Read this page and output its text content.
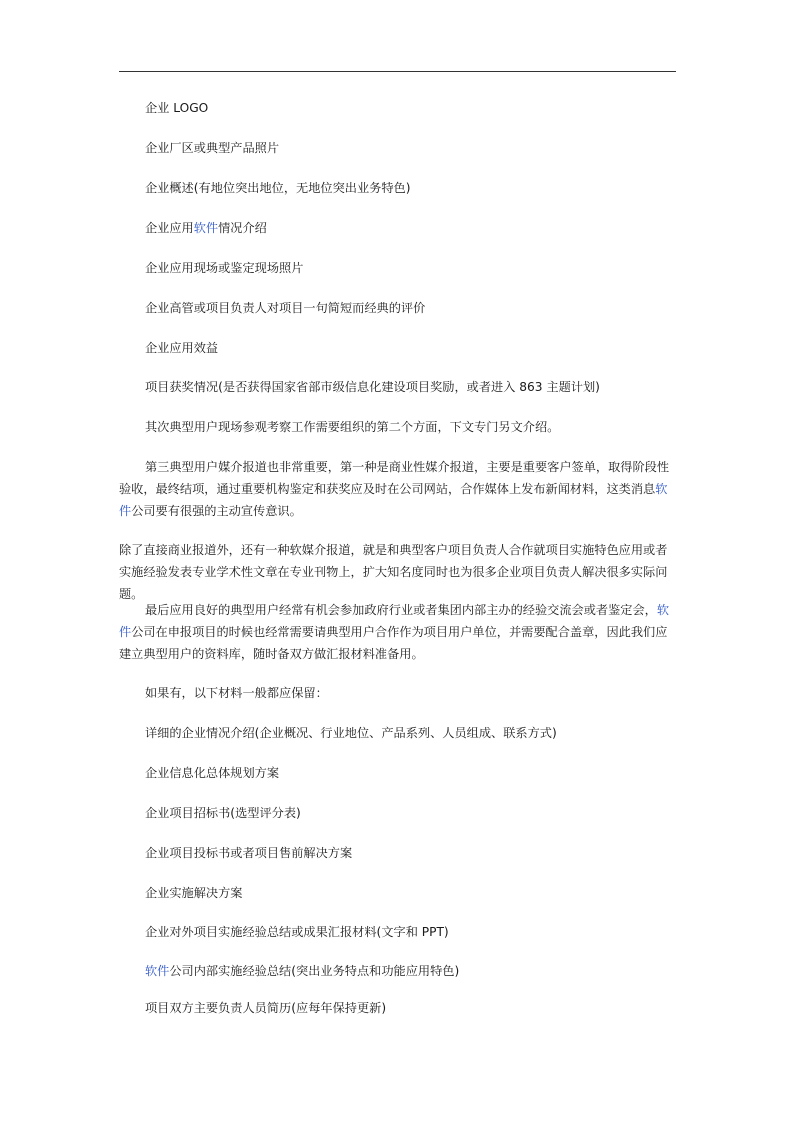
企业 LOGO

企业厂区或典型产品照片

企业概述(有地位突出地位，无地位突出业务特色)

企业应用软件情况介绍

企业应用现场或鉴定现场照片

企业高管或项目负责人对项目一句简短而经典的评价

企业应用效益

项目获奖情况(是否获得国家省部市级信息化建设项目奖励，或者进入 863 主题计划)

其次典型用户现场参观考察工作需要组织的第二个方面，下文专门另文介绍。

第三典型用户媒介报道也非常重要，第一种是商业性媒介报道，主要是重要客户签单，取得阶段性验收，最终结项，通过重要机构鉴定和获奖应及时在公司网站，合作媒体上发布新闻材料，这类消息软件公司要有很强的主动宣传意识。

除了直接商业报道外，还有一种软媒介报道，就是和典型客户项目负责人合作就项目实施特色应用或者实施经验发表专业学术性文章在专业刊物上，扩大知名度同时也为很多企业项目负责人解决很多实际问题。

最后应用良好的典型用户经常有机会参加政府行业或者集团内部主办的经验交流会或者鉴定会，软件公司在申报项目的时候也经常需要请典型用户合作作为项目用户单位，并需要配合盖章，因此我们应建立典型用户的资料库，随时备双方做汇报材料准备用。

如果有，以下材料一般都应保留：

详细的企业情况介绍(企业概况、行业地位、产品系列、人员组成、联系方式)

企业信息化总体规划方案

企业项目招标书(选型评分表)

企业项目投标书或者项目售前解决方案

企业实施解决方案

企业对外项目实施经验总结或成果汇报材料(文字和 PPT)

软件公司内部实施经验总结(突出业务特点和功能应用特色)

项目双方主要负责人员简历(应每年保持更新)
